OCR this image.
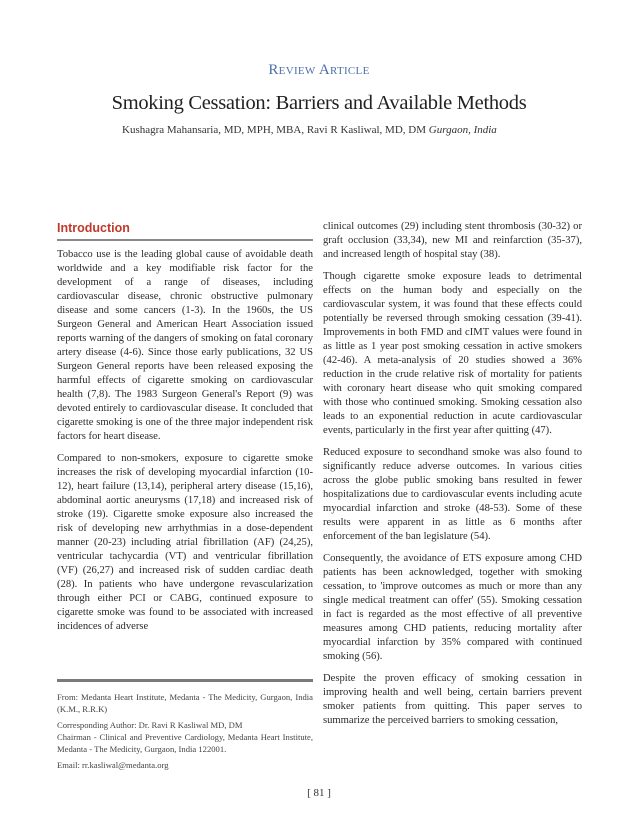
Review Article
Smoking Cessation: Barriers and Available Methods
Kushagra Mahansaria, MD, MPH, MBA, Ravi R Kasliwal, MD, DM Gurgaon, India
Introduction

Tobacco use is the leading global cause of avoidable death worldwide and a key modifiable risk factor for the development of a range of diseases, including cardiovascular disease, chronic obstructive pulmonary disease and some cancers (1-3). In the 1960s, the US Surgeon General and American Heart Association issued reports warning of the dangers of smoking on fatal coronary artery disease (4-6). Since those early publications, 32 US Surgeon General reports have been released exposing the harmful effects of cigarette smoking on cardiovascular health (7,8). The 1983 Surgeon General's Report (9) was devoted entirely to cardiovascular disease. It concluded that cigarette smoking is one of the three major independent risk factors for heart disease.

Compared to non-smokers, exposure to cigarette smoke increases the risk of developing myocardial infarction (10-12), heart failure (13,14), peripheral artery disease (15,16), abdominal aortic aneurysms (17,18) and increased risk of stroke (19). Cigarette smoke exposure also increased the risk of developing new arrhythmias in a dose-dependent manner (20-23) including atrial fibrillation (AF) (24,25), ventricular tachycardia (VT) and ventricular fibrillation (VF) (26,27) and increased risk of sudden cardiac death (28). In patients who have undergone revascularization through either PCI or CABG, continued exposure to cigarette smoke was found to be associated with increased incidences of adverse

clinical outcomes (29) including stent thrombosis (30-32) or graft occlusion (33,34), new MI and reinfarction (35-37), and increased length of hospital stay (38).

Though cigarette smoke exposure leads to detrimental effects on the human body and especially on the cardiovascular system, it was found that these effects could potentially be reversed through smoking cessation (39-41). Improvements in both FMD and cIMT values were found in as little as 1 year post smoking cessation in active smokers (42-46). A meta-analysis of 20 studies showed a 36% reduction in the crude relative risk of mortality for patients with coronary heart disease who quit smoking compared with those who continued smoking. Smoking cessation also leads to an exponential reduction in acute cardiovascular events, particularly in the first year after quitting (47).

Reduced exposure to secondhand smoke was also found to significantly reduce adverse outcomes. In various cities across the globe public smoking bans resulted in fewer hospitalizations due to cardiovascular events including acute myocardial infarction and stroke (48-53). Some of these results were apparent in as little as 6 months after enforcement of the ban legislature (54).

Consequently, the avoidance of ETS exposure among CHD patients has been acknowledged, together with smoking cessation, to 'improve outcomes as much or more than any single medical treatment can offer' (55). Smoking cessation in fact is regarded as the most effective of all preventive measures among CHD patients, reducing mortality after myocardial infarction by 35% compared with continued smoking (56).

Despite the proven efficacy of smoking cessation in improving health and well being, certain barriers prevent smoker patients from quitting. This paper serves to summarize the perceived barriers to smoking cessation,

From: Medanta Heart Institute, Medanta - The Medicity, Gurgaon, India (K.M., R.R.K)

Corresponding Author: Dr. Ravi R Kasliwal MD, DM

Chairman - Clinical and Preventive Cardiology, Medanta Heart Institute, Medanta - The Medicity, Gurgaon, India 122001.

Email: rr.kasliwal@medanta.org

[ 81 ]
